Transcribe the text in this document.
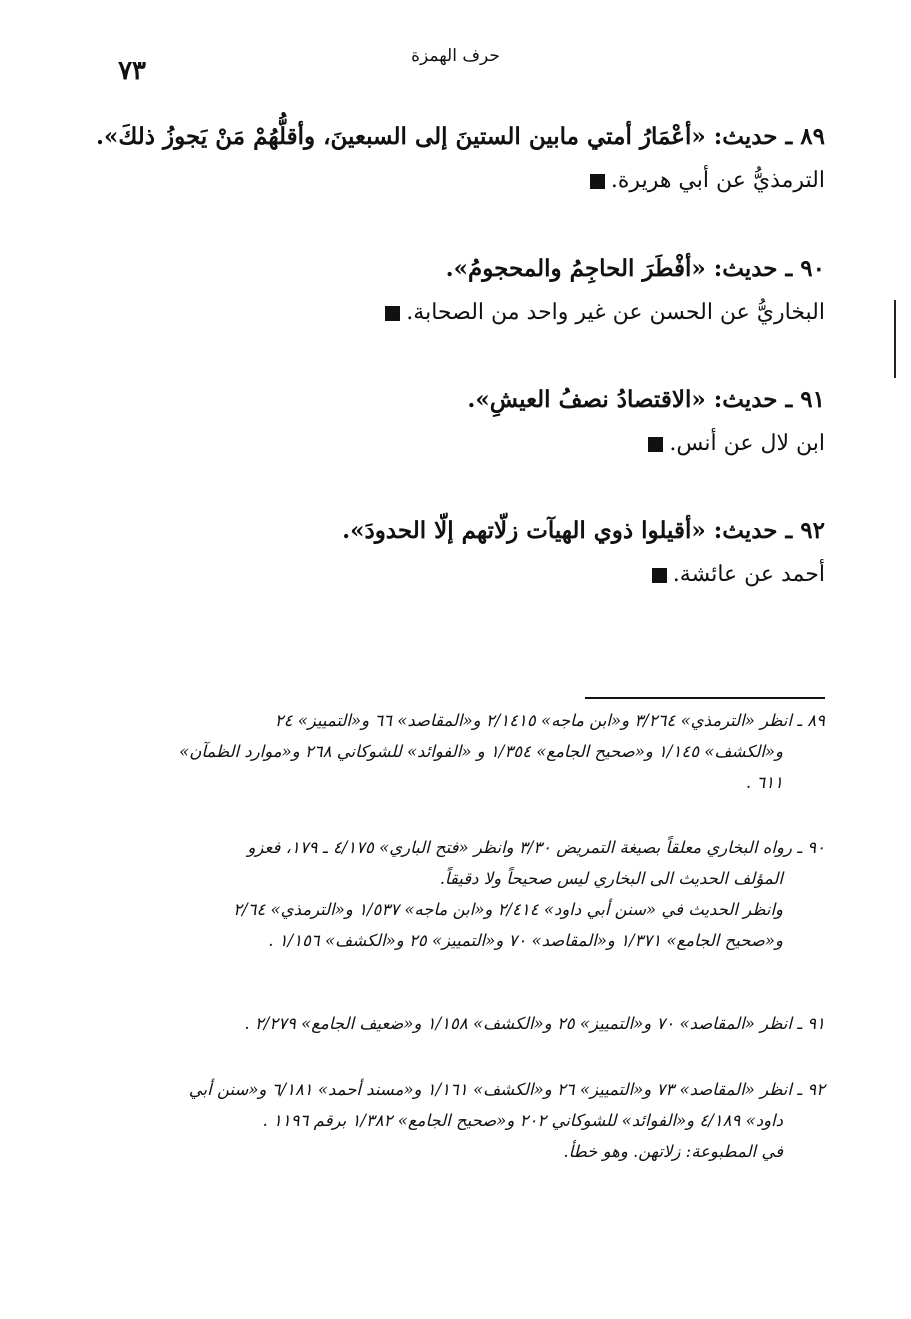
حرف الهمزة
٧٣
٨٩ ـ حديث: «أعْمَارُ أمتي مابين الستينَ إلى السبعينَ، وأقلُّهُمْ مَنْ يَجوزُ ذلكَ».
الترمذيُّ عن أبي هريرة.
٩٠ ـ حديث: «أفْطَرَ الحاجِمُ والمحجومُ».
البخاريُّ عن الحسن عن غير واحد من الصحابة.
٩١ ـ حديث: «الاقتصادُ نصفُ العيشِ».
ابن لال عن أنس.
٩٢ ـ حديث: «أقيلوا ذوي الهيآت زلّاتهم إلّا الحدودَ».
أحمد عن عائشة.

٨٩ ـ انظر «الترمذي» ٣/٢٦٤ و«ابن ماجه» ٢/١٤١٥ و«المقاصد» ٦٦ و«التمييز» ٢٤

و«الكشف» ١/١٤٥ و«صحيح الجامع» ١/٣٥٤ و «الفوائد» للشوكاني ٢٦٨ و«موارد الظمآن»

٦١١ .

٩٠ ـ رواه البخاري معلقاً بصيغة التمريض ٣/٣٠ وانظر «فتح الباري» ٤/١٧٥ ـ ١٧٩، فعزو

المؤلف الحديث الى البخاري ليس صحيحاً ولا دقيقاً.

وانظر الحديث في «سنن أبي داود» ٢/٤١٤ و«ابن ماجه» ١/٥٣٧ و«الترمذي» ٢/٦٤

و«صحيح الجامع» ١/٣٧١ و«المقاصد» ٧٠ و«التمييز» ٢٥ و«الكشف» ١/١٥٦ .

٩١ ـ انظر «المقاصد» ٧٠ و«التمييز» ٢٥ و«الكشف» ١/١٥٨ و«ضعيف الجامع» ٢/٢٧٩ .

٩٢ ـ انظر «المقاصد» ٧٣ و«التمييز» ٢٦ و«الكشف» ١/١٦١ و«مسند أحمد» ٦/١٨١ و«سنن أبي

داود» ٤/١٨٩ و«الفوائد» للشوكاني ٢٠٢ و«صحيح الجامع» ١/٣٨٢ برقم ١١٩٦ .

في المطبوعة: زلاتهن. وهو خطأ.
